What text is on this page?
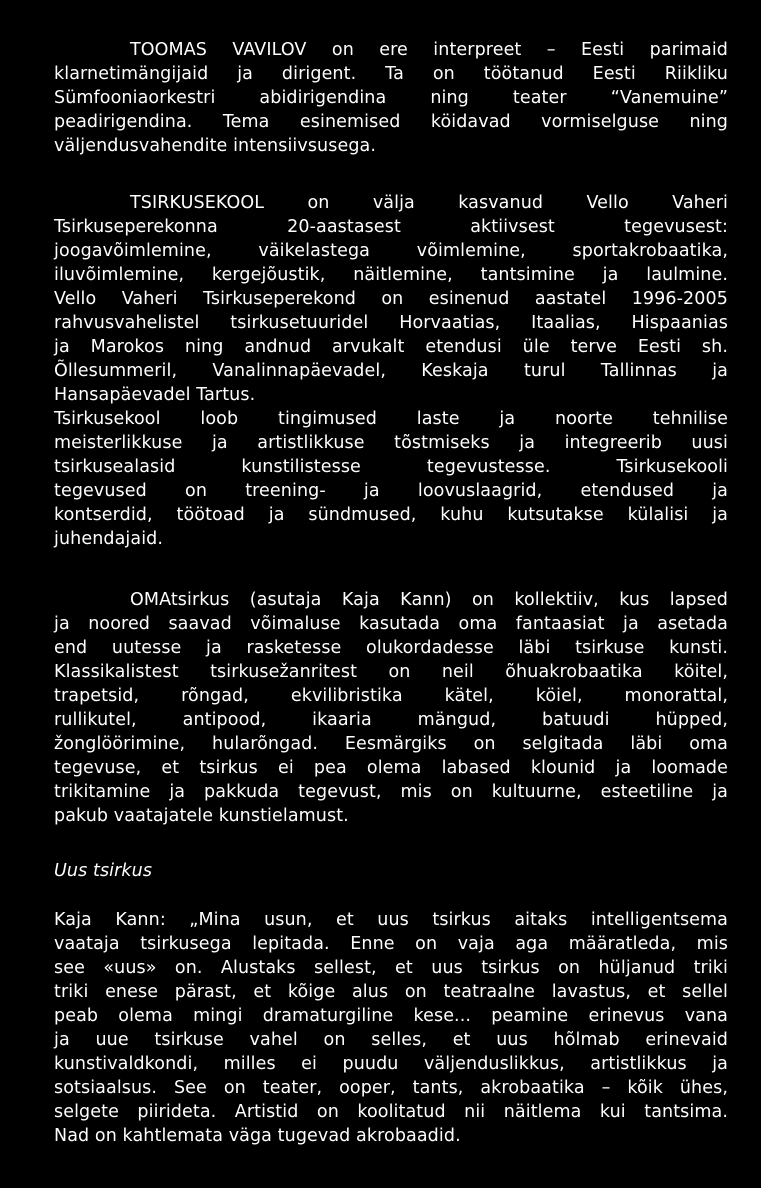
TOOMAS VAVILOV on ere interpreet – Eesti parimaid
klarnetimängijaid ja dirigent. Ta on töötanud Eesti Riikliku
Sümfooniaorkestri abidirigendina ning teater “Vanemuine”
peadirigendina. Tema esinemised köidavad vormiselguse ning
väljendusvahendite intensiivsusega.
TSIRKUSEKOOL on välja kasvanud Vello Vaheri
Tsirkuseperekonna 20-aastasest aktiivsest tegevusest:
joogavõimlemine, väikelastega võimlemine, sportakrobaatika,
iluvõimlemine, kergejõustik, näitlemine, tantsimine ja laulmine.
Vello Vaheri Tsirkuseperekond on esinenud aastatel 1996-2005
rahvusvahelistel tsirkusetuuridel Horvaatias, Itaalias, Hispaanias
ja Marokos ning andnud arvukalt etendusi üle terve Eesti sh.
Õllesummeril, Vanalinnapäevadel, Keskaja turul Tallinnas ja
Hansapäevadel Tartus.
Tsirkusekool loob tingimused laste ja noorte tehnilise
meisterlikkuse ja artistlikkuse tõstmiseks ja integreerib uusi
tsirkusealasid kunstilistesse tegevustesse. Tsirkusekooli
tegevused on treening- ja loovuslaagrid, etendused ja
kontserdid, töötoad ja sündmused, kuhu kutsutakse külalisi ja
juhendajaid.
OMAtsirkus (asutaja Kaja Kann) on kollektiiv, kus lapsed
ja noored saavad võimaluse kasutada oma fantaasiat ja asetada
end uutesse ja rasketesse olukordadesse läbi tsirkuse kunsti.
Klassikalistest tsirkusežanritest on neil õhuakrobaatika köitel,
trapetsid, rõngad, ekvilibristika kätel, köiel, monorattal,
rullikutel, antipood, ikaaria mängud, batuudi hüpped,
žonglöörimine, hularõngad. Eesmärgiks on selgitada läbi oma
tegevuse, et tsirkus ei pea olema labased klounid ja loomade
trikitamine ja pakkuda tegevust, mis on kultuurne, esteetiline ja
pakub vaatajatele kunstielamust.
Uus tsirkus
Kaja Kann: „Mina usun, et uus tsirkus aitaks intelligentsema
vaataja tsirkusega lepitada. Enne on vaja aga määratleda, mis
see «uus» on. Alustaks sellest, et uus tsirkus on hüljanud triki
triki enese pärast, et kõige alus on teatraalne lavastus, et sellel
peab olema mingi dramaturgiline kese... peamine erinevus vana
ja uue tsirkuse vahel on selles, et uus hõlmab erinevaid
kunstivaldkondi, milles ei puudu väljenduslikkus, artistlikkus ja
sotsiaalsus. See on teater, ooper, tants, akrobaatika – kõik ühes,
selgete piirideta. Artistid on koolitatud nii näitlema kui tantsima.
Nad on kahtlemata väga tugevad akrobaadid.
